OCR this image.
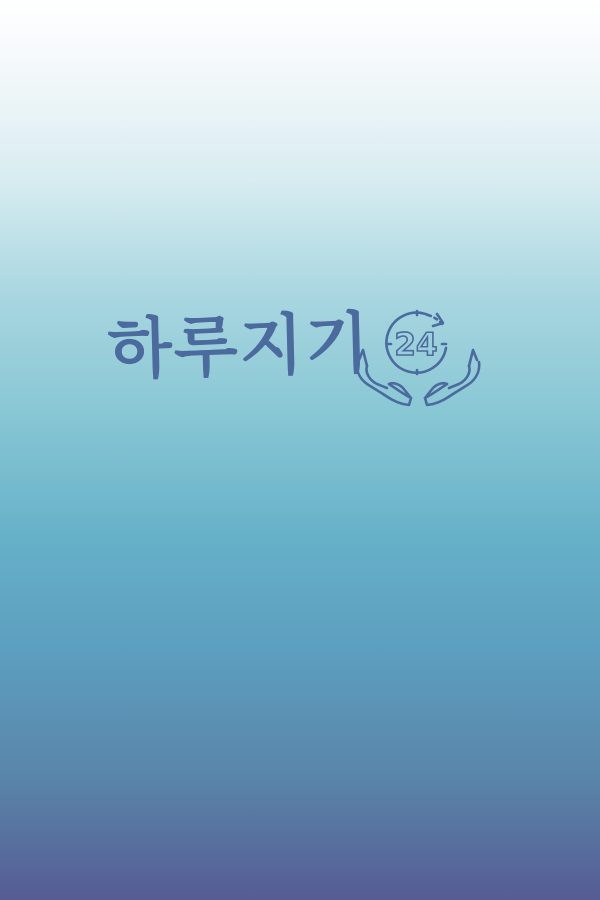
하루지기 24
